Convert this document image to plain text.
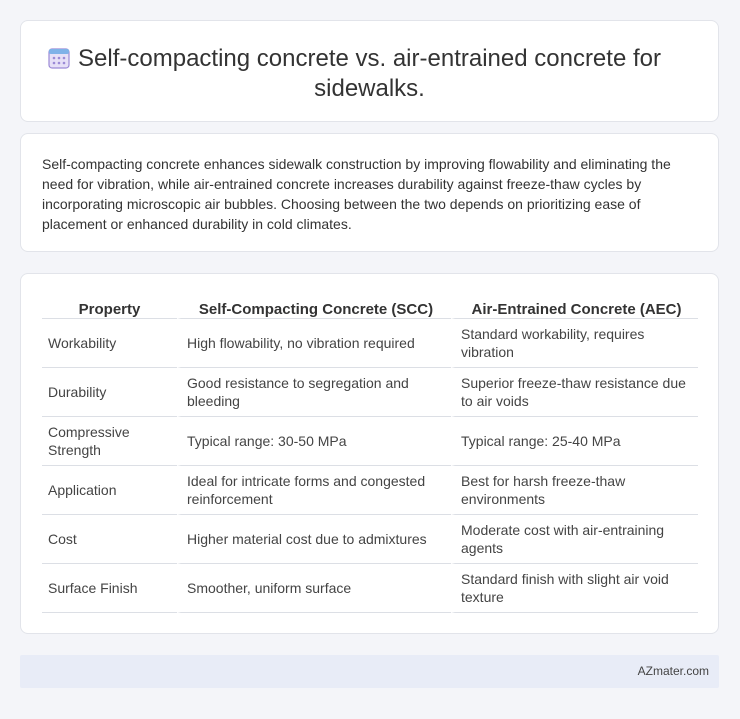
Self-compacting concrete vs. air-entrained concrete for sidewalks.

Self-compacting concrete enhances sidewalk construction by improving flowability and eliminating the need for vibration, while air-entrained concrete increases durability against freeze-thaw cycles by incorporating microscopic air bubbles. Choosing between the two depends on prioritizing ease of placement or enhanced durability in cold climates.

Property	Self-Compacting Concrete (SCC)	Air-Entrained Concrete (AEC)
Workability	High flowability, no vibration required	Standard workability, requires vibration
Durability	Good resistance to segregation and bleeding	Superior freeze-thaw resistance due to air voids
Compressive Strength	Typical range: 30-50 MPa	Typical range: 25-40 MPa
Application	Ideal for intricate forms and congested reinforcement	Best for harsh freeze-thaw environments
Cost	Higher material cost due to admixtures	Moderate cost with air-entraining agents
Surface Finish	Smoother, uniform surface	Standard finish with slight air void texture
AZmater.com
